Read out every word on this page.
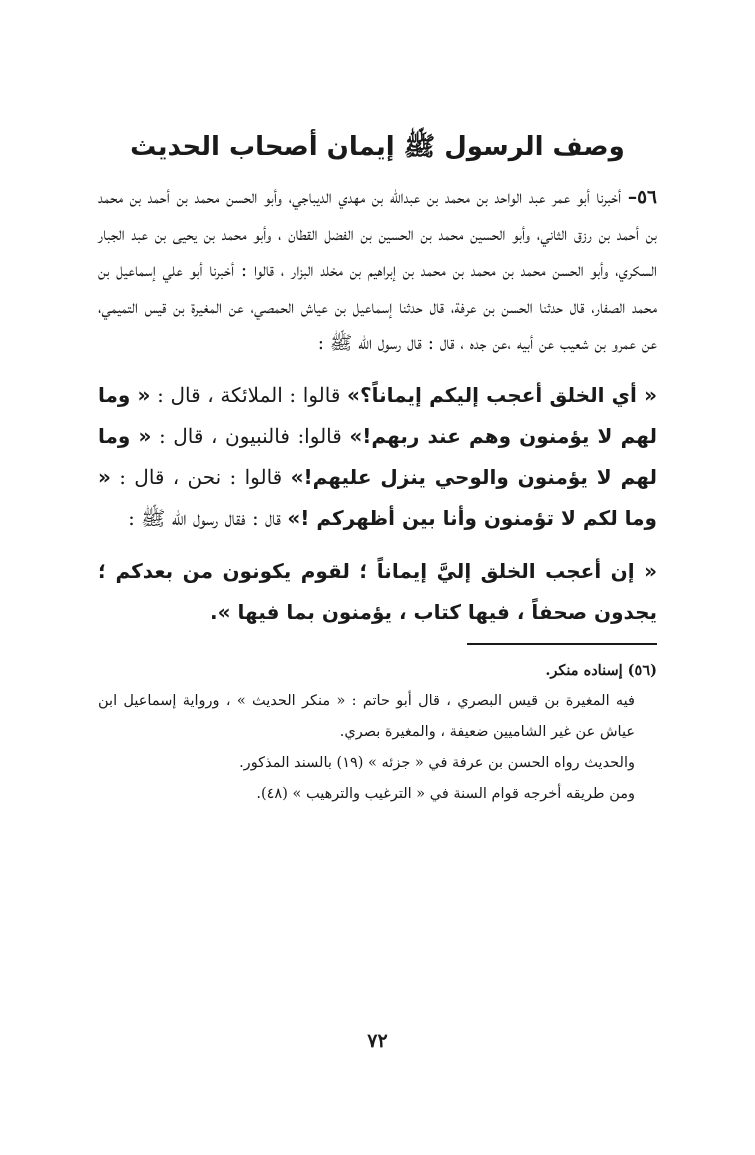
وصف الرسول ﷺ إيمان أصحاب الحديث

٥٦– أخبرنا أبو عمر عبد الواحد بن محمد بن عبدالله بن مهدي الديباجي، وأبو الحسن محمد بن أحمد بن محمد بن أحمد بن رزق الثاني، وأبو الحسين محمد بن الحسين بن الفضل القطان ، وأبو محمد بن يحيى بن عبد الجبار السكري، وأبو الحسن محمد بن محمد بن محمد بن إبراهيم بن مخلد البزار ، قالوا : أخبرنا أبو علي إسماعيل بن محمد الصفار، قال حدثنا الحسن بن عرفة، قال حدثنا إسماعيل بن عياش الحمصي، عن المغيرة بن قيس التميمي، عن عمرو بن شعيب عن أبيه ،عن جده ، قال : قال رسول الله ﷺ :

« أي الخلق أعجب إليكم إيماناً؟» قالوا : الملائكة ، قال : « وما لهم لا يؤمنون وهم عند ربهم!» قالوا: فالنبيون ، قال : « وما لهم لا يؤمنون والوحي ينزل عليهم!» قالوا : نحن ، قال : « وما لكم لا تؤمنون وأنا بين أظهركم !» قال : فقال رسول الله ﷺ :

« إن أعجب الخلق إليَّ إيماناً ؛ لقوم يكونون من بعدكم ؛ يجدون صحفاً ، فيها كتاب ، يؤمنون بما فيها ».

(٥٦) إسناده منكر.

فيه المغيرة بن قيس البصري ، قال أبو حاتم : « منكر الحديث » ، ورواية إسماعيل ابن عياش عن غير الشاميين ضعيفة ، والمغيرة بصري.

والحديث رواه الحسن بن عرفة في « جزئه » (١٩) بالسند المذكور.

ومن طريقه أخرجه قوام السنة في « الترغيب والترهيب » (٤٨).

٧٢
